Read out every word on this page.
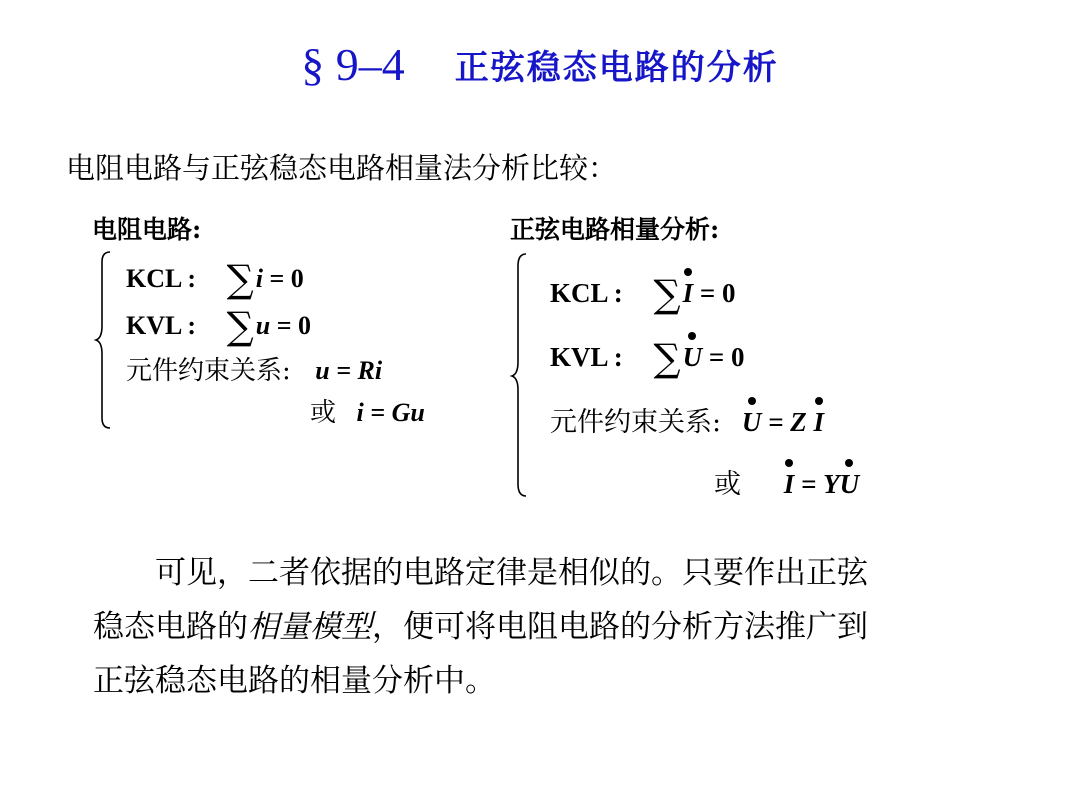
§ 9–4 正弦稳态电路的分析
电阻电路与正弦稳态电路相量法分析比较：
电阻电路:
KCL : ∑i = 0
KVL : ∑u = 0
元件约束关系: u = Ri
或 i = Gu
正弦电路相量分析:
KCL : ∑I = 0
KVL : ∑U = 0
元件约束关系: U = Z I
或 I = YU

可见，二者依据的电路定律是相似的。只要作出正弦

稳态电路的相量模型，便可将电阻电路的分析方法推广到

正弦稳态电路的相量分析中。
